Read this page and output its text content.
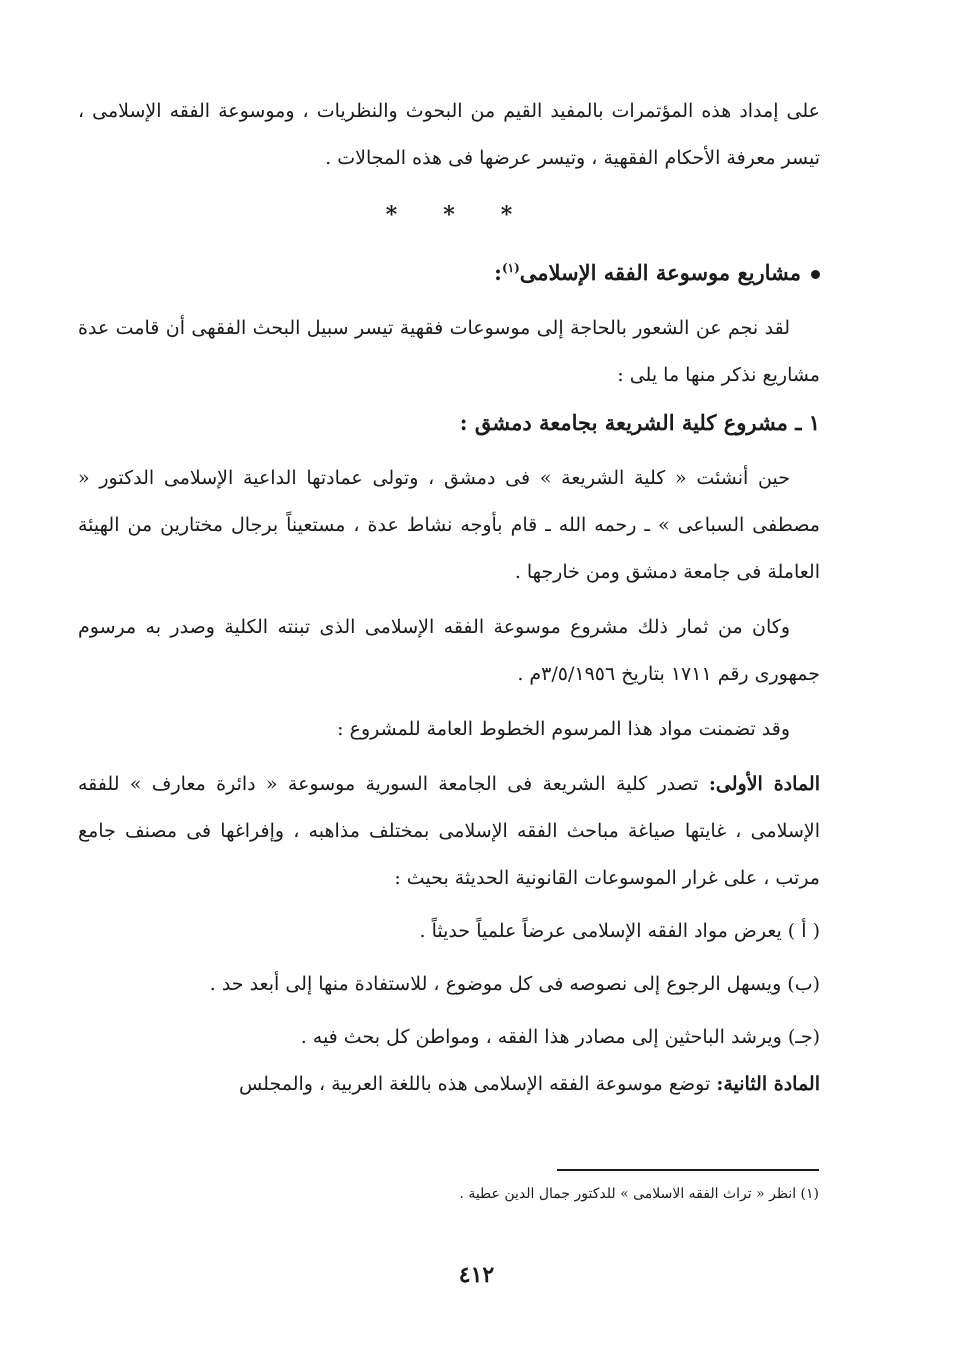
على إمداد هذه المؤتمرات بالمفيد القيم من البحوث والنظريات ، وموسوعة الفقه الإسلامى ، تيسر معرفة الأحكام الفقهية ، وتيسر عرضها فى هذه المجالات .

* * *
مشاريع موسوعة الفقه الإسلامى$^{(١)}$:

لقد نجم عن الشعور بالحاجة إلى موسوعات فقهية تيسر سبيل البحث الفقهى أن قامت عدة مشاريع نذكر منها ما يلى :

١ ـ مشروع كلية الشريعة بجامعة دمشق :

حين أنشئت « كلية الشريعة » فى دمشق ، وتولى عمادتها الداعية الإسلامى الدكتور « مصطفى السباعى » ـ رحمه الله ـ قام بأوجه نشاط عدة ، مستعيناً برجال مختارين من الهيئة العاملة فى جامعة دمشق ومن خارجها .

وكان من ثمار ذلك مشروع موسوعة الفقه الإسلامى الذى تبنته الكلية وصدر به مرسوم جمهورى رقم ١٧١١ بتاريخ ٣/٥/١٩٥٦م .

وقد تضمنت مواد هذا المرسوم الخطوط العامة للمشروع :

المادة الأولى: تصدر كلية الشريعة فى الجامعة السورية موسوعة « دائرة معارف » للفقه الإسلامى ، غايتها صياغة مباحث الفقه الإسلامى بمختلف مذاهبه ، وإفراغها فى مصنف جامع مرتب ، على غرار الموسوعات القانونية الحديثة بحيث :

( أ ) يعرض مواد الفقه الإسلامى عرضاً علمياً حديثاً .

(ب) ويسهل الرجوع إلى نصوصه فى كل موضوع ، للاستفادة منها إلى أبعد حد .

(جـ) ويرشد الباحثين إلى مصادر هذا الفقه ، ومواطن كل بحث فيه .

المادة الثانية: توضع موسوعة الفقه الإسلامى هذه باللغة العربية ، والمجلس

(١) انظر « تراث الفقه الاسلامى » للدكتور جمال الدين عطية .
٤١٢
